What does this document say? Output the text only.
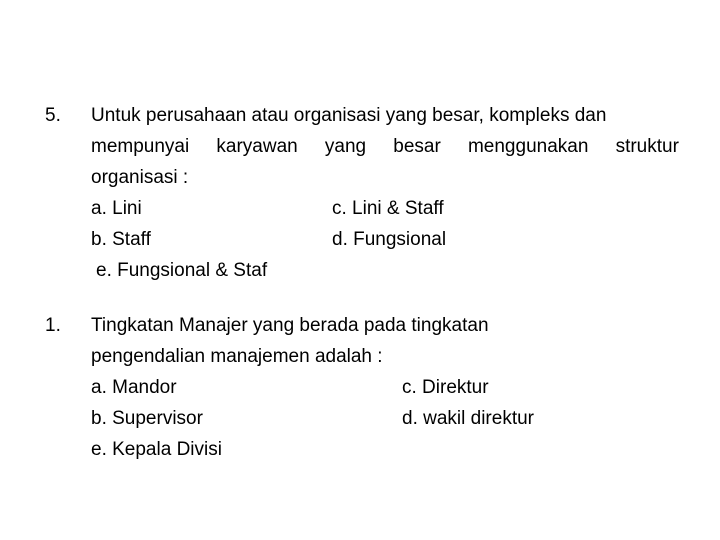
5. Untuk perusahaan atau organisasi yang besar, kompleks dan
mempunyai karyawan yang besar menggunakan struktur
organisasi :
a. Lini	c. Lini & Staff
b. Staff	d. Fungsional
e. Fungsional & Staf
1. Tingkatan Manajer yang berada pada tingkatan
pengendalian manajemen adalah :
a. Mandor	c. Direktur
b. Supervisor	d. wakil direktur
e. Kepala Divisi
